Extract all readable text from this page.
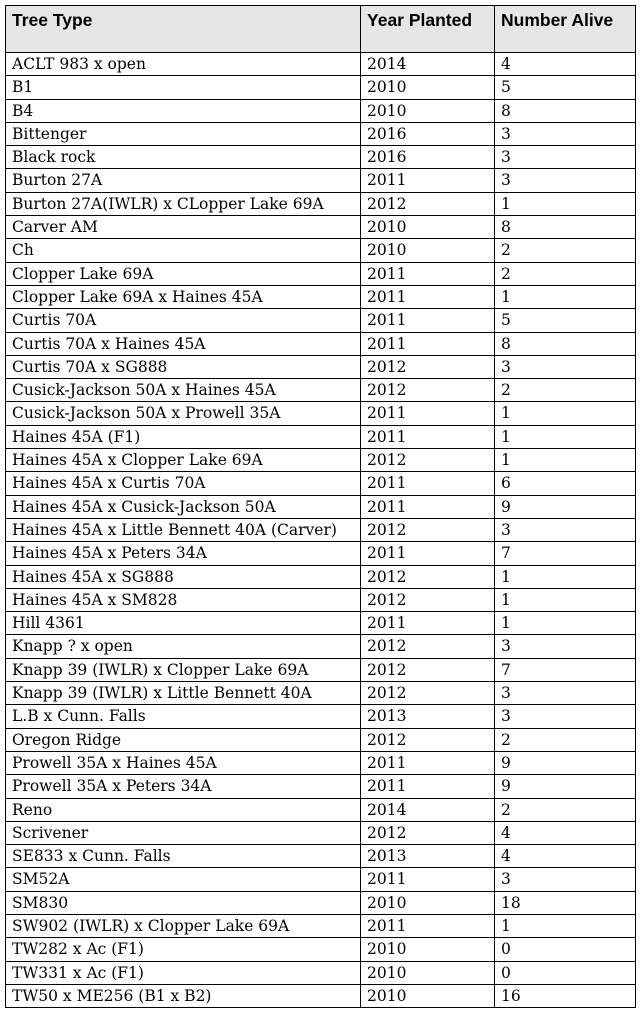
Tree Type	Year Planted	Number Alive
ACLT 983 x open	2014	4
B1	2010	5
B4	2010	8
Bittenger	2016	3
Black rock	2016	3
Burton 27A	2011	3
Burton 27A(IWLR) x CLopper Lake 69A	2012	1
Carver AM	2010	8
Ch	2010	2
Clopper Lake 69A	2011	2
Clopper Lake 69A x Haines 45A	2011	1
Curtis 70A	2011	5
Curtis 70A x Haines 45A	2011	8
Curtis 70A x SG888	2012	3
Cusick-Jackson 50A x Haines 45A	2012	2
Cusick-Jackson 50A x Prowell 35A	2011	1
Haines 45A (F1)	2011	1
Haines 45A x Clopper Lake 69A	2012	1
Haines 45A x Curtis 70A	2011	6
Haines 45A x Cusick-Jackson 50A	2011	9
Haines 45A x Little Bennett 40A (Carver)	2012	3
Haines 45A x Peters 34A	2011	7
Haines 45A x SG888	2012	1
Haines 45A x SM828	2012	1
Hill 4361	2011	1
Knapp ? x open	2012	3
Knapp 39 (IWLR) x Clopper Lake 69A	2012	7
Knapp 39 (IWLR) x Little Bennett 40A	2012	3
L.B x Cunn. Falls	2013	3
Oregon Ridge	2012	2
Prowell 35A x Haines 45A	2011	9
Prowell 35A x Peters 34A	2011	9
Reno	2014	2
Scrivener	2012	4
SE833 x Cunn. Falls	2013	4
SM52A	2011	3
SM830	2010	18
SW902 (IWLR) x Clopper Lake 69A	2011	1
TW282 x Ac (F1)	2010	0
TW331 x Ac (F1)	2010	0
TW50 x ME256 (B1 x B2)	2010	16
